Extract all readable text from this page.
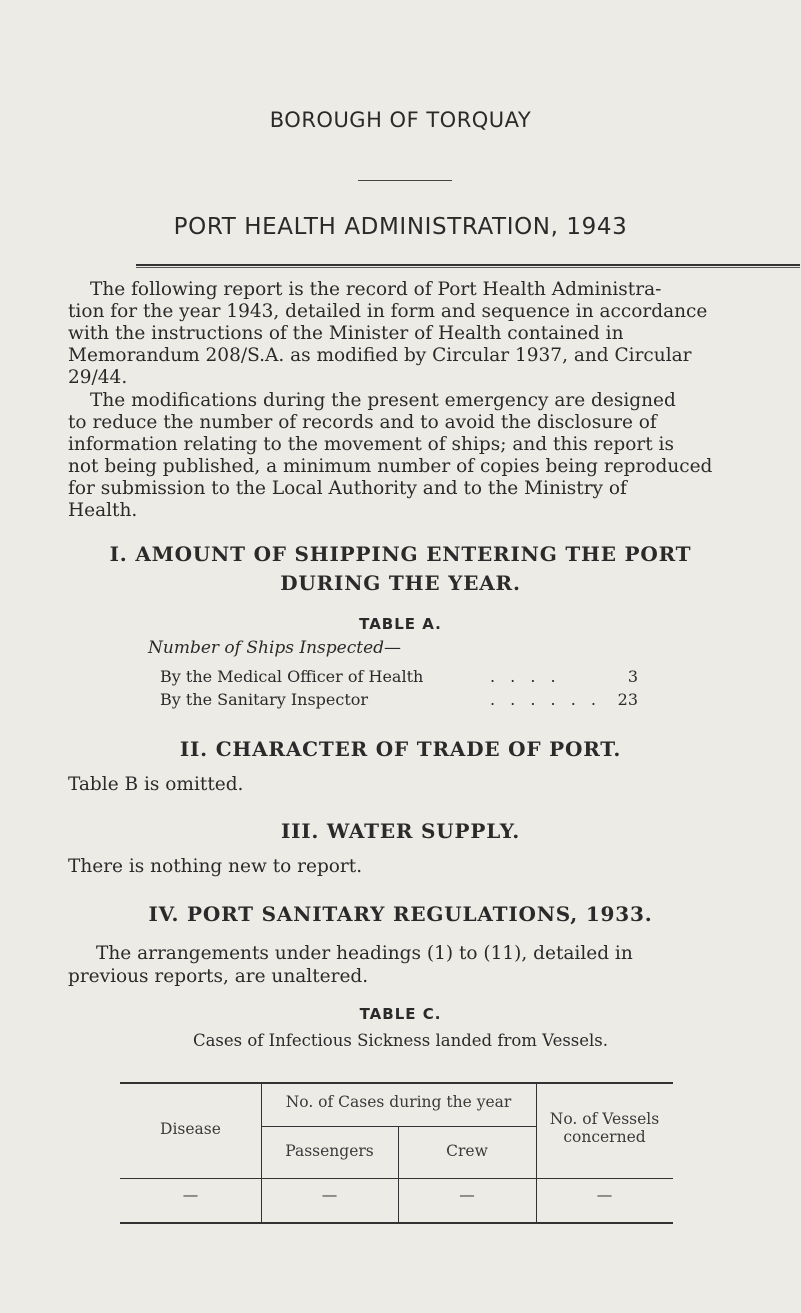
BOROUGH OF TORQUAY
PORT HEALTH ADMINISTRATION, 1943
The following report is the record of Port Health Administra-
tion for the year 1943, detailed in form and sequence in accordance
with the instructions of the Minister of Health contained in
Memorandum 208/S.A. as modified by Circular 1937, and Circular
29/44.
The modifications during the present emergency are designed
to reduce the number of records and to avoid the disclosure of
information relating to the movement of ships; and this report is
not being published, a minimum number of copies being reproduced
for submission to the Local Authority and to the Ministry of
Health.
I. AMOUNT OF SHIPPING ENTERING THE PORT
DURING THE YEAR.
TABLE A.
Number of Ships Inspected—
By the Medical Officer of Health	. . . .	3
By the Sanitary Inspector	. . . . . . 23
II. CHARACTER OF TRADE OF PORT.
Table B is omitted.
III. WATER SUPPLY.
There is nothing new to report.
IV. PORT SANITARY REGULATIONS, 1933.
The arrangements under headings (1) to (11), detailed in
previous reports, are unaltered.
TABLE C.
Cases of Infectious Sickness landed from Vessels.
Disease
No. of Cases during the year
Passengers	Crew
No. of Vessels
concerned
—	—	—	—
